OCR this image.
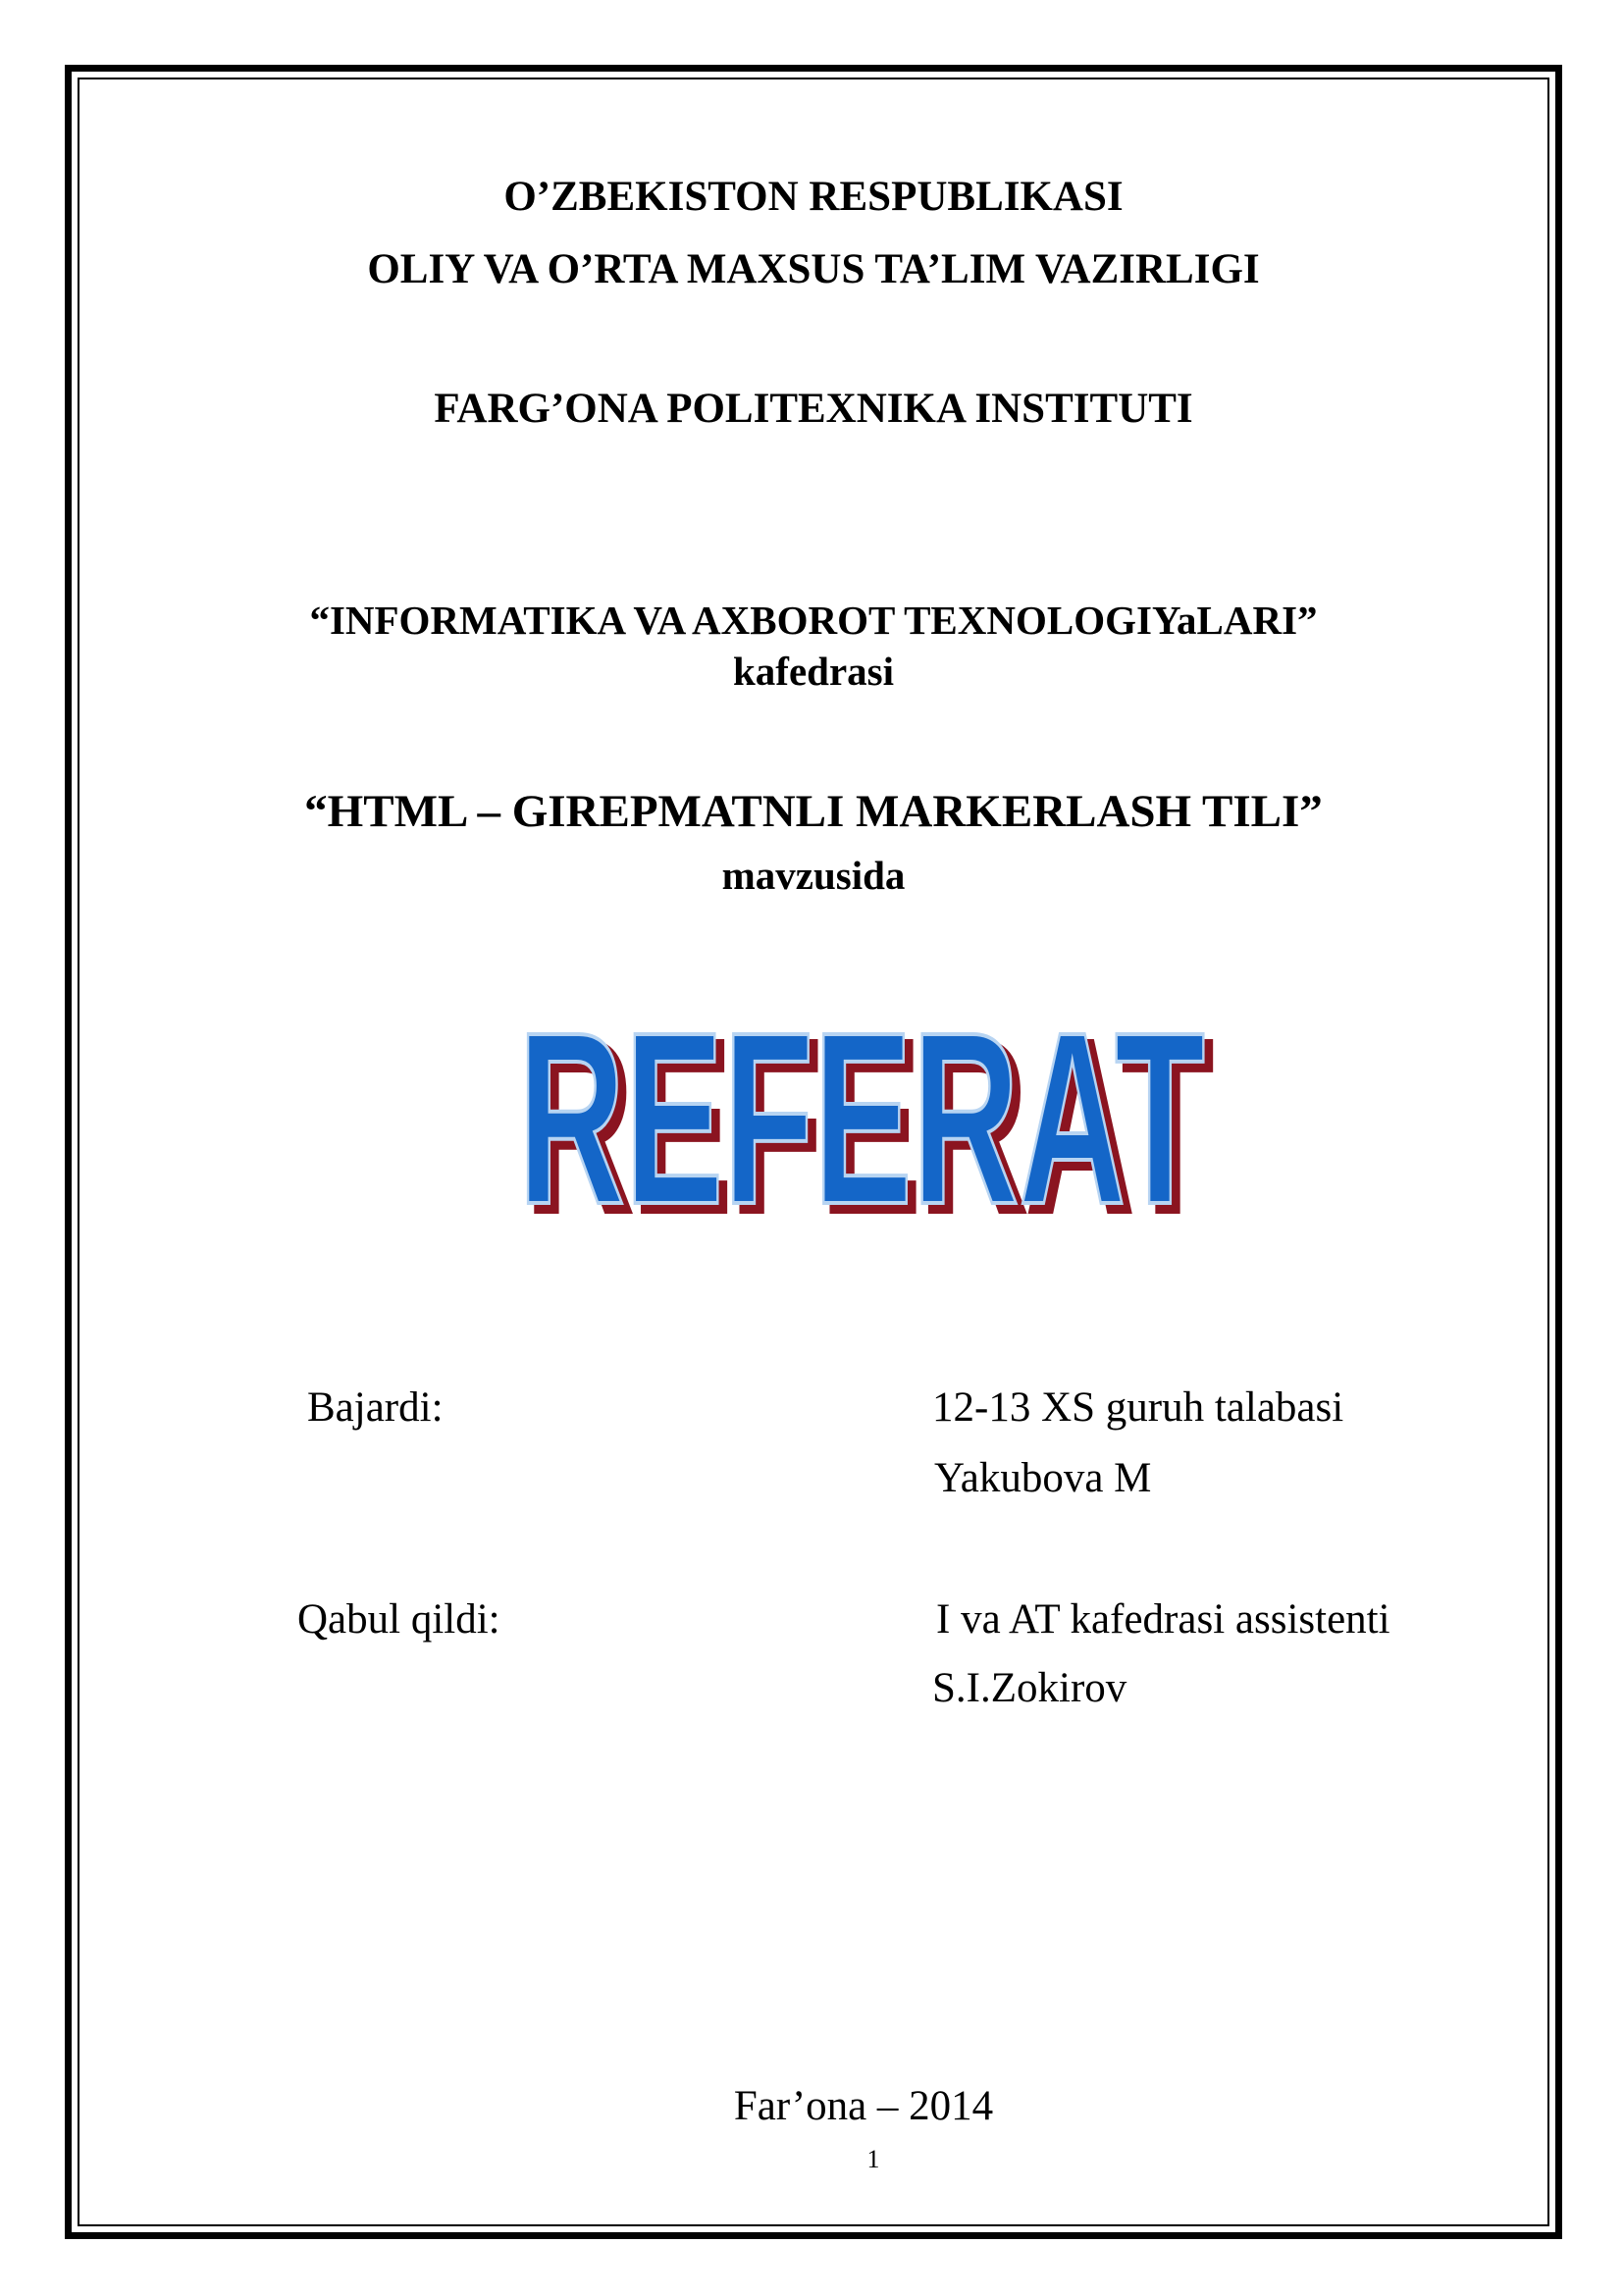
O’ZBEKISTON RESPUBLIKASI
OLIY VA O’RTA MAXSUS TA’LIM VAZIRLIGI
FARG’ONA POLITEXNIKA INSTITUTI
“INFORMATIKA VA AXBOROT TEXNOLOGIYaLARI”
kafedrasi
“HTML – GIREPMATNLI MARKERLASH TILI”
mavzusida
REFERAT
REFERAT
Bajardi:	12-13 XS guruh talabasi
Yakubova M
Qabul qildi:	I va AT kafedrasi assistenti
S.I.Zokirov
Far’ona – 2014
1
